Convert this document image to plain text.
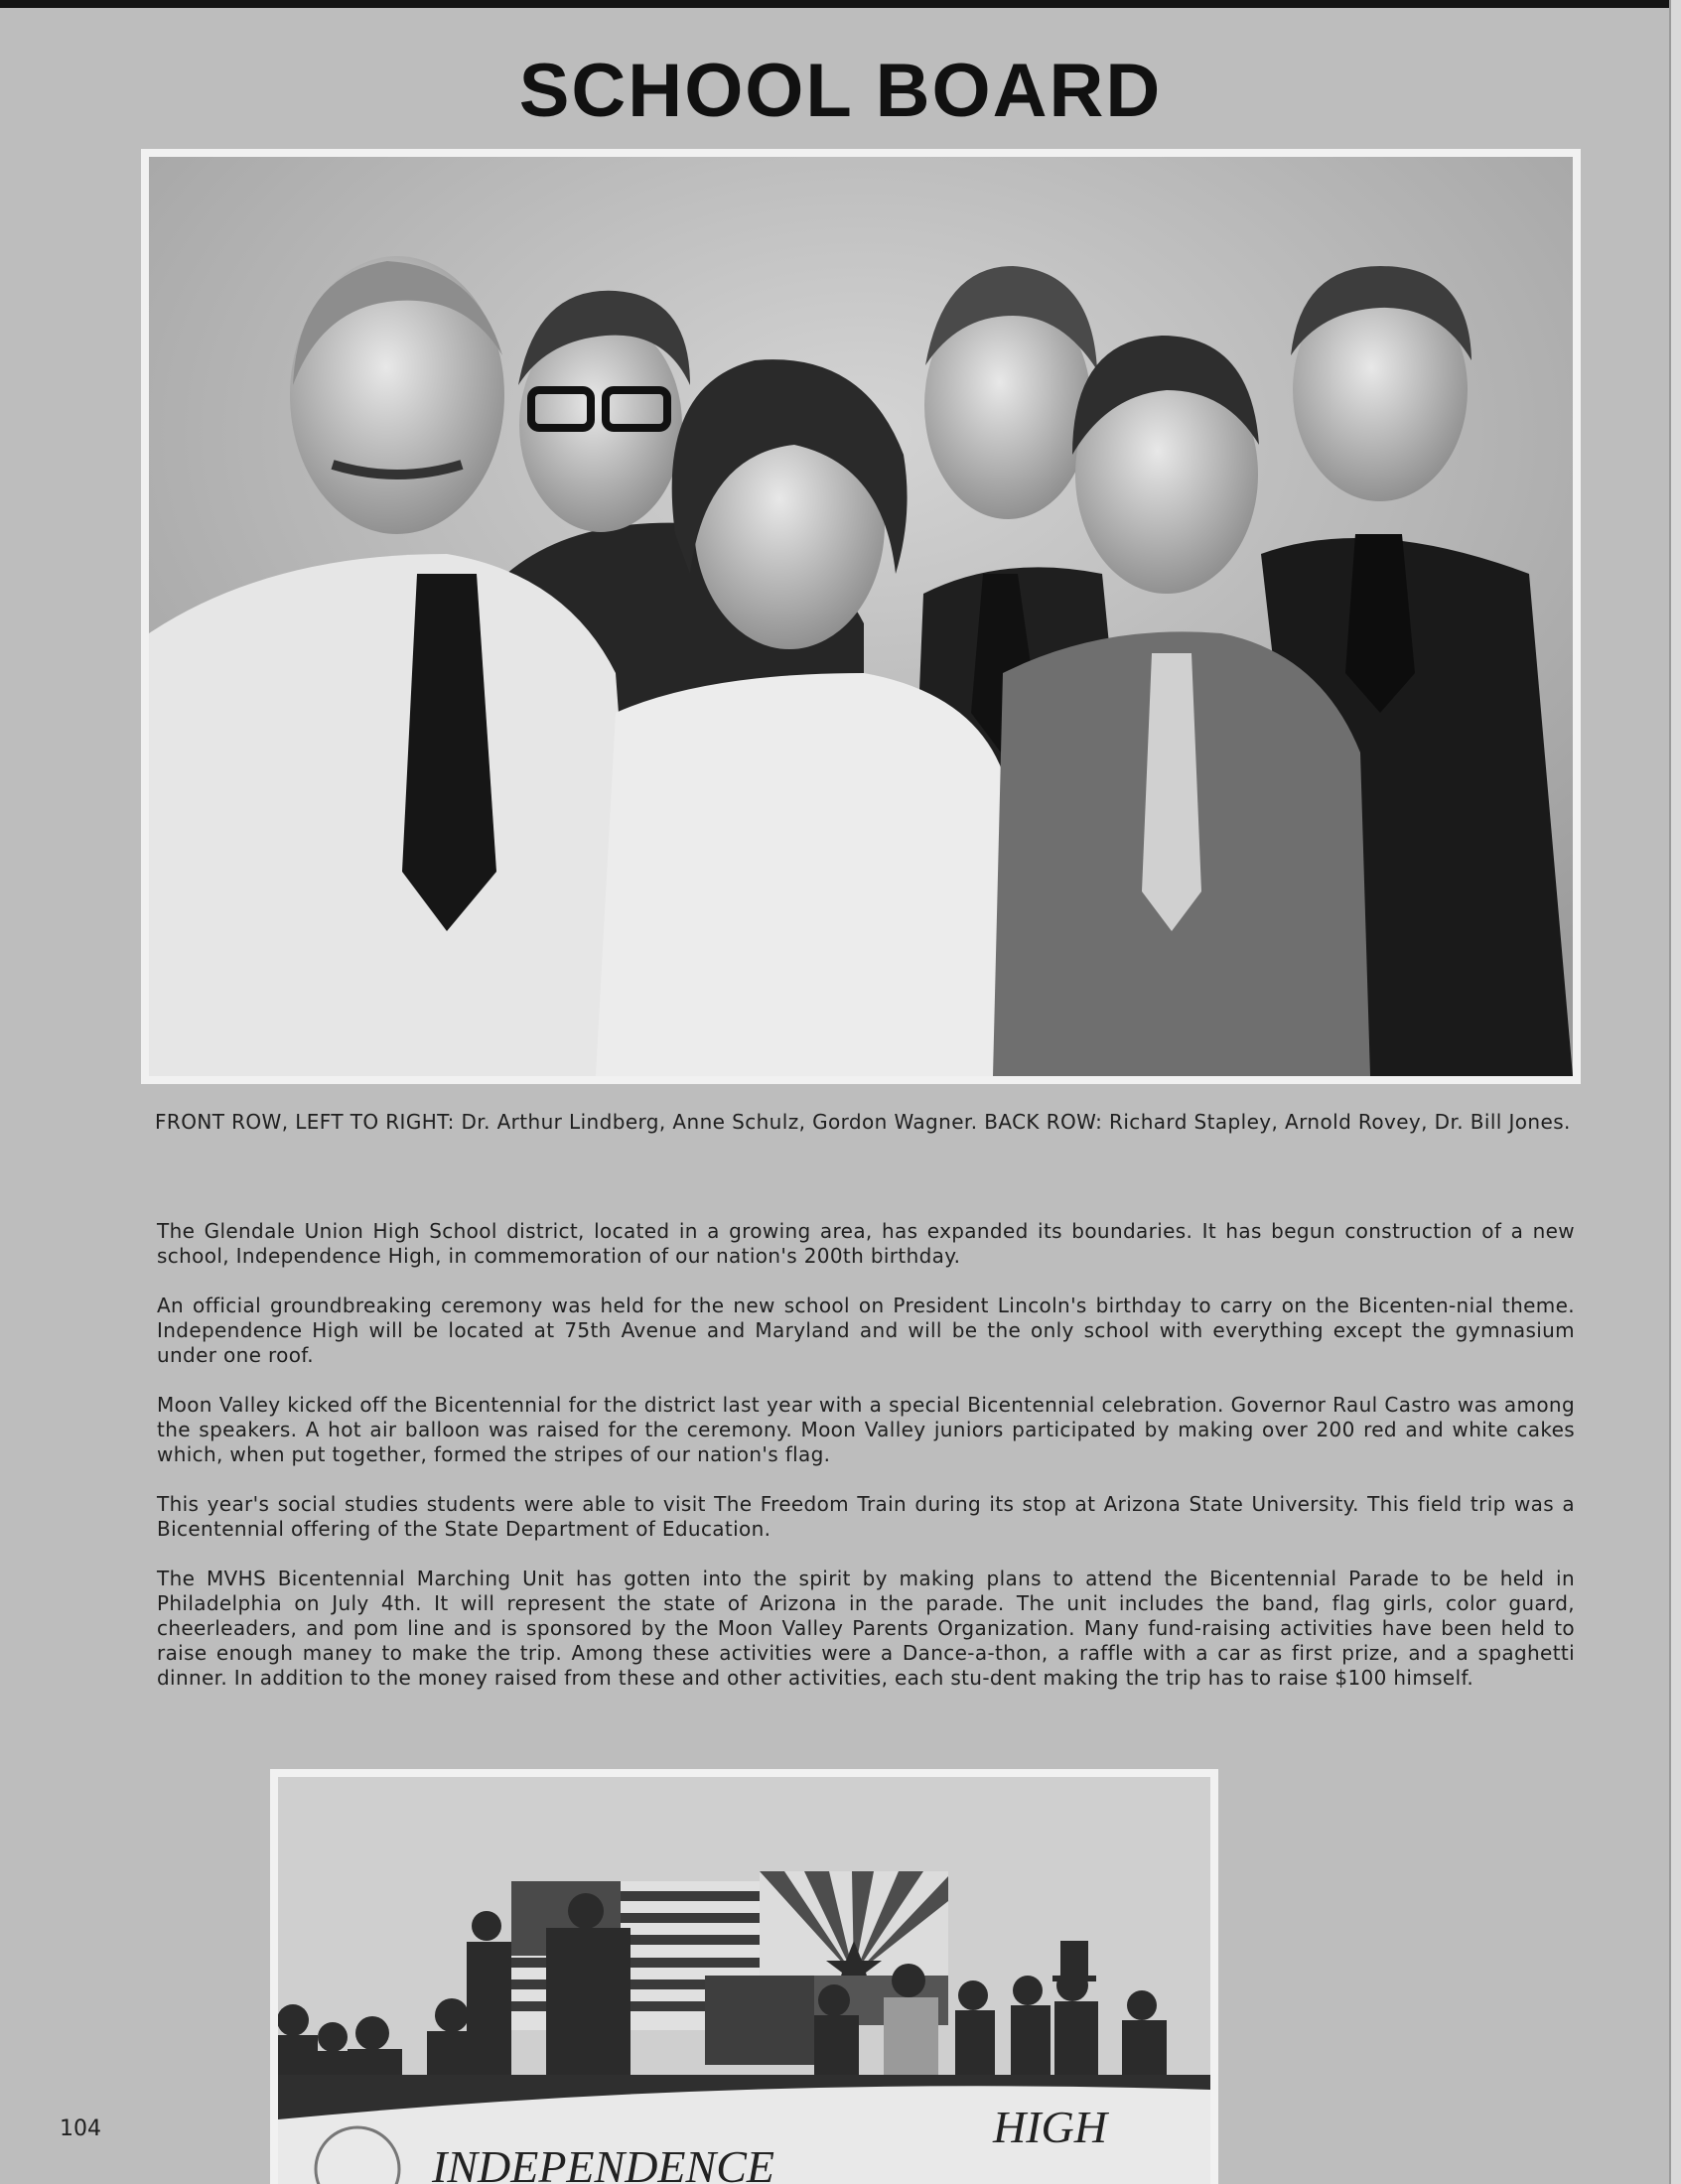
SCHOOL BOARD

FRONT ROW, LEFT TO RIGHT: Dr. Arthur Lindberg, Anne Schulz, Gordon Wagner. BACK ROW: Richard Stapley, Arnold Rovey, Dr. Bill Jones.

The Glendale Union High School district, located in a growing area, has expanded its boundaries. It has begun construction of a new school, Independence High, in commemoration of our nation's 200th birthday.

An official groundbreaking ceremony was held for the new school on President Lincoln's birthday to carry on the Bicenten-nial theme. Independence High will be located at 75th Avenue and Maryland and will be the only school with everything except the gymnasium under one roof.

Moon Valley kicked off the Bicentennial for the district last year with a special Bicentennial celebration. Governor Raul Castro was among the speakers. A hot air balloon was raised for the ceremony. Moon Valley juniors participated by making over 200 red and white cakes which, when put together, formed the stripes of our nation's flag.

This year's social studies students were able to visit The Freedom Train during its stop at Arizona State University. This field trip was a Bicentennial offering of the State Department of Education.

The MVHS Bicentennial Marching Unit has gotten into the spirit by making plans to attend the Bicentennial Parade to be held in Philadelphia on July 4th. It will represent the state of Arizona in the parade. The unit includes the band, flag girls, color guard, cheerleaders, and pom line and is sponsored by the Moon Valley Parents Organization. Many fund-raising activities have been held to raise enough maney to make the trip. Among these activities were a Dance-a-thon, a raffle with a car as first prize, and a spaghetti dinner. In addition to the money raised from these and other activities, each stu-dent making the trip has to raise $100 himself.

INDEPENDENCE
HIGH

104
